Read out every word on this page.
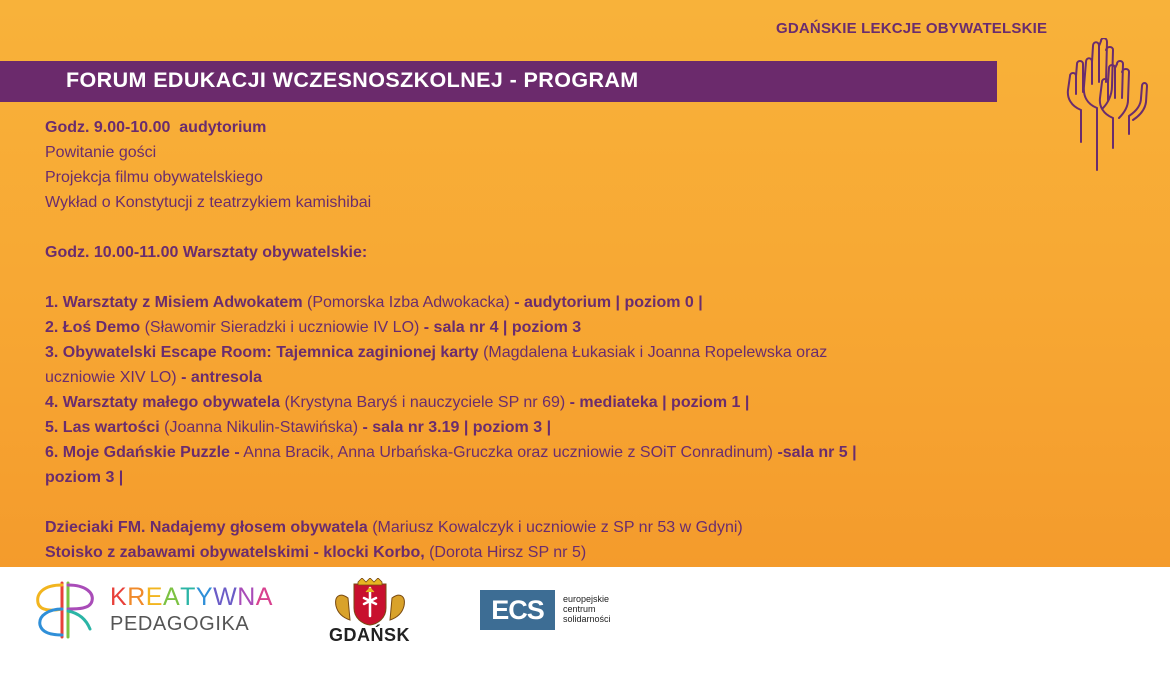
GDAŃSKIE LEKCJE OBYWATELSKIE
FORUM EDUKACJI WCZESNOSZKOLNEJ - PROGRAM
Godz. 9.00-10.00 audytorium
Powitanie gości
Projekcja filmu obywatelskiego
Wykład o Konstytucji z teatrzykiem kamishibai
Godz. 10.00-11.00 Warsztaty obywatelskie:
1. Warsztaty z Misiem Adwokatem (Pomorska Izba Adwokacka) - audytorium | poziom 0 |
2. Łoś Demo (Sławomir Sieradzki i uczniowie IV LO) - sala nr 4 | poziom 3
3. Obywatelski Escape Room: Tajemnica zaginionej karty (Magdalena Łukasiak i Joanna Ropelewska oraz
uczniowie XIV LO) - antresola
4. Warsztaty małego obywatela (Krystyna Baryś i nauczyciele SP nr 69) - mediateka | poziom 1 |
5. Las wartości (Joanna Nikulin-Stawińska) - sala nr 3.19 | poziom 3 |
6. Moje Gdańskie Puzzle - Anna Bracik, Anna Urbańska-Gruczka oraz uczniowie z SOiT Conradinum) -sala nr 5 |
poziom 3 |
Dzieciaki FM. Nadajemy głosem obywatela (Mariusz Kowalczyk i uczniowie z SP nr 53 w Gdyni)
Stoisko z zabawami obywatelskimi - klocki Korbo, (Dorota Hirsz SP nr 5)
KREATYWNA
PEDAGOGIKA	GDAŃSK
ECS	europejskie
centrum
solidarności
